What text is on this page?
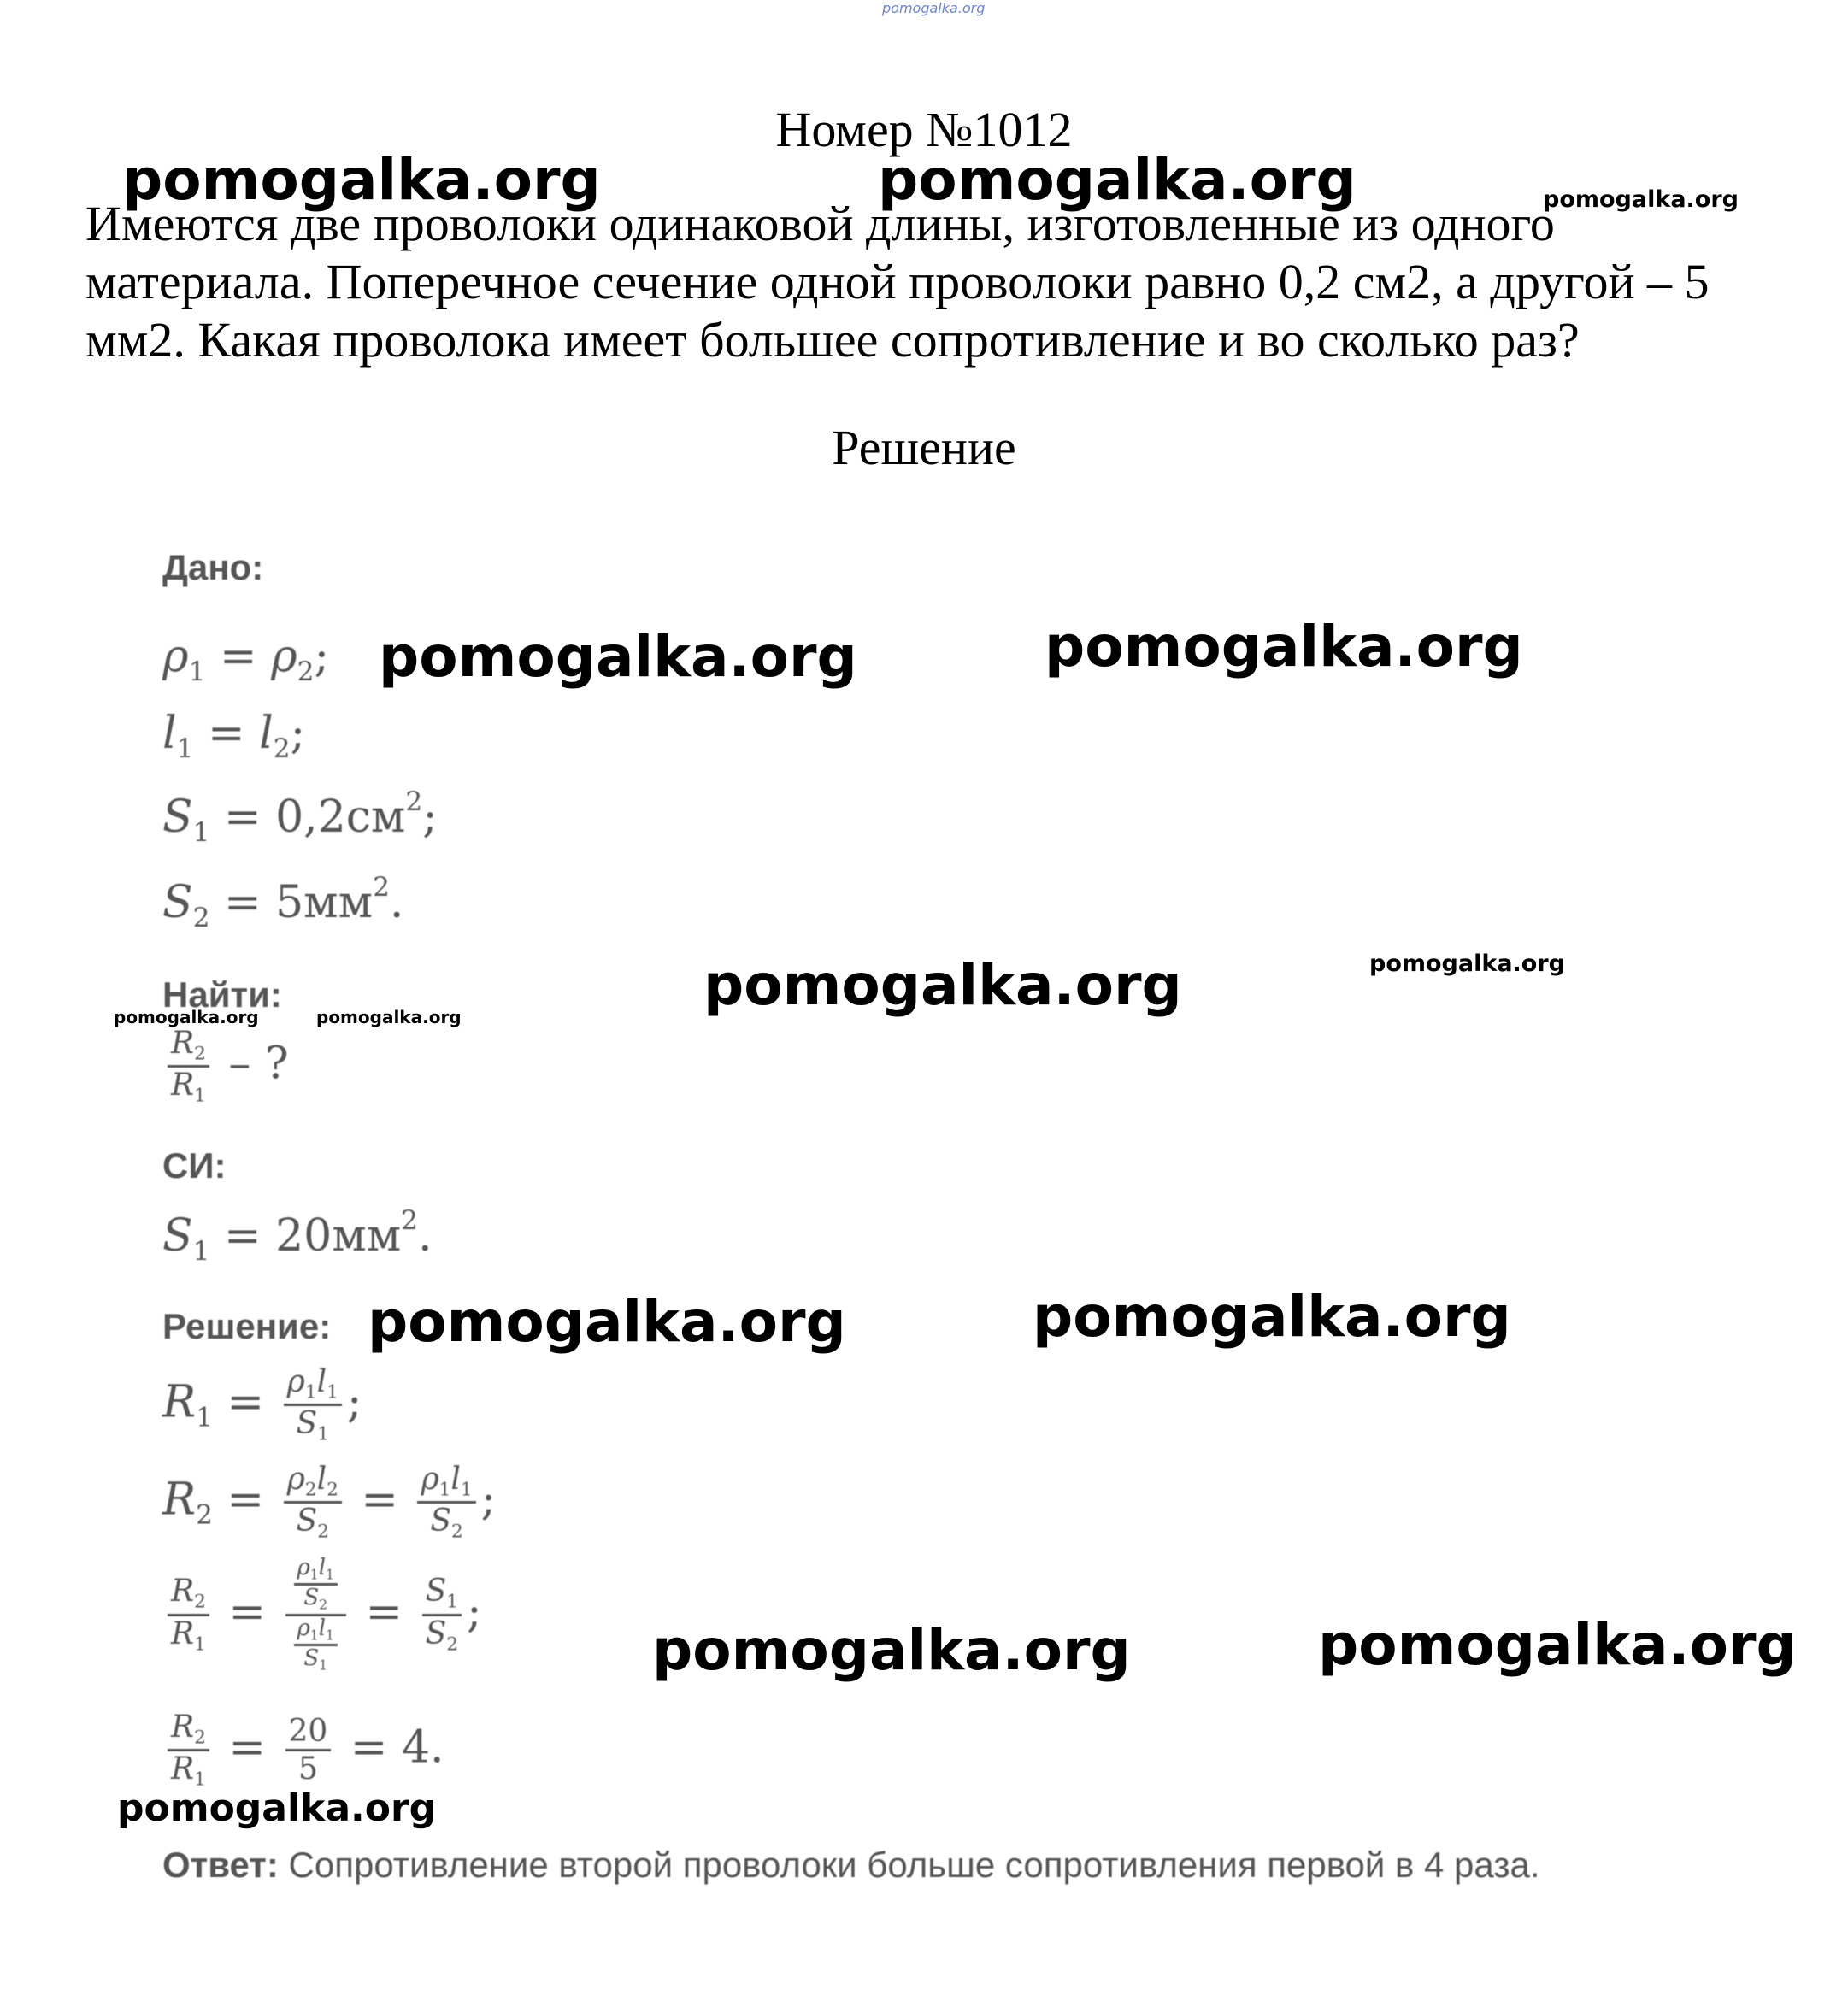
pomogalka.org
Номер №1012
Имеются две проволоки одинаковой длины, изготовленные из одного материала. Поперечное сечение одной проволоки равно 0,2 см2, а другой – 5 мм2. Какая проволока имеет большее сопротивление и во сколько раз?
Решение
Дано:
$\rho_1 = \rho_2$;
$l_1 = l_2$;
$S_1 = 0,2см^2$;
$S_2 = 5мм^2$.
Найти:
$\frac{R_2}{R_1}$ – ?
СИ:
$S_1 = 20мм^2$.
Решение:
$R_1 = \frac{\rho_1l_1}{S_1}$ ;
$R_2 = \frac{\rho_2l_2}{S_2} = \frac{\rho_1l_1}{S_2}$ ;
$\frac{R_2}{R_1} = \frac{\frac{\rho_1l_1}{S_2}}{\frac{\rho_1l_1}{S_1}} = \frac{S_1}{S_2}$ ;
$\frac{R_2}{R_1} = \frac{20}{5} = 4$.
Ответ: Сопротивление второй проволоки больше сопротивления первой в 4 раза.
pomogalka.org	pomogalka.org	pomogalka.org
pomogalka.org	pomogalka.org
pomogalka.org	pomogalka.org
pomogalka.org	pomogalka.org
pomogalka.org	pomogalka.org
pomogalka.org	pomogalka.org
pomogalka.org
